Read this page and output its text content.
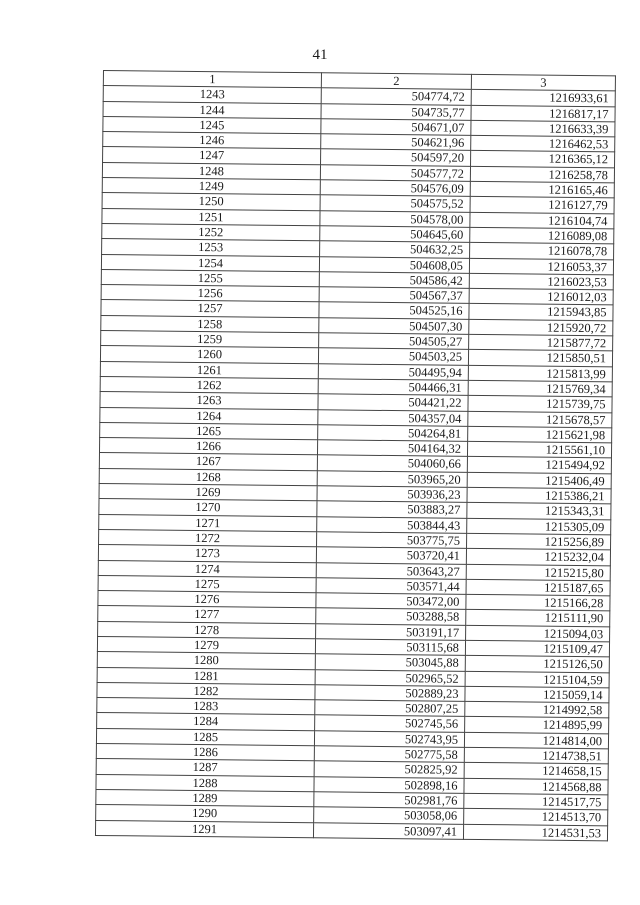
41
1	2	3
1243	504774,72	1216933,61
1244	504735,77	1216817,17
1245	504671,07	1216633,39
1246	504621,96	1216462,53
1247	504597,20	1216365,12
1248	504577,72	1216258,78
1249	504576,09	1216165,46
1250	504575,52	1216127,79
1251	504578,00	1216104,74
1252	504645,60	1216089,08
1253	504632,25	1216078,78
1254	504608,05	1216053,37
1255	504586,42	1216023,53
1256	504567,37	1216012,03
1257	504525,16	1215943,85
1258	504507,30	1215920,72
1259	504505,27	1215877,72
1260	504503,25	1215850,51
1261	504495,94	1215813,99
1262	504466,31	1215769,34
1263	504421,22	1215739,75
1264	504357,04	1215678,57
1265	504264,81	1215621,98
1266	504164,32	1215561,10
1267	504060,66	1215494,92
1268	503965,20	1215406,49
1269	503936,23	1215386,21
1270	503883,27	1215343,31
1271	503844,43	1215305,09
1272	503775,75	1215256,89
1273	503720,41	1215232,04
1274	503643,27	1215215,80
1275	503571,44	1215187,65
1276	503472,00	1215166,28
1277	503288,58	1215111,90
1278	503191,17	1215094,03
1279	503115,68	1215109,47
1280	503045,88	1215126,50
1281	502965,52	1215104,59
1282	502889,23	1215059,14
1283	502807,25	1214992,58
1284	502745,56	1214895,99
1285	502743,95	1214814,00
1286	502775,58	1214738,51
1287	502825,92	1214658,15
1288	502898,16	1214568,88
1289	502981,76	1214517,75
1290	503058,06	1214513,70
1291	503097,41	1214531,53
